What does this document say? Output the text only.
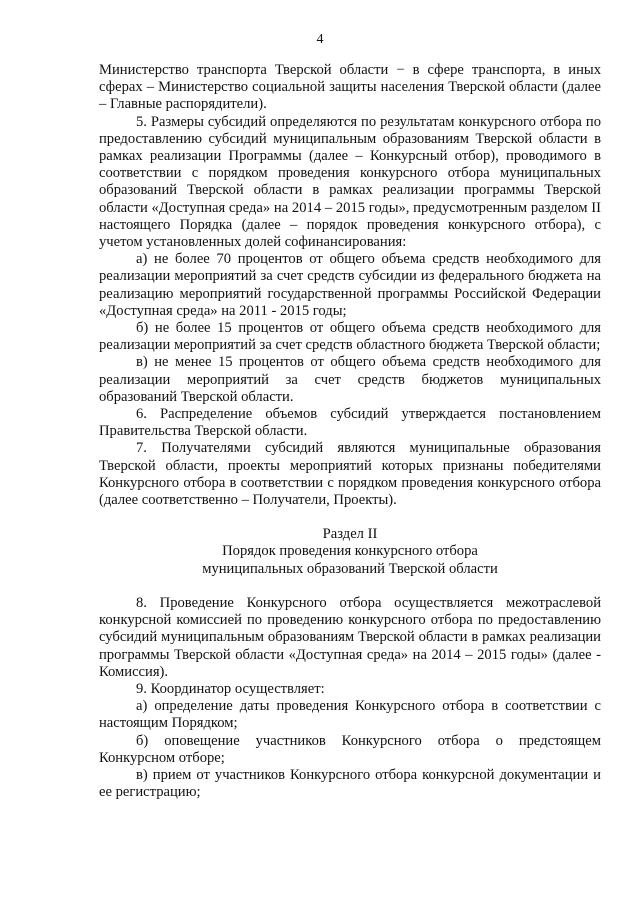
4

Министерство транспорта Тверской области − в сфере транспорта, в иных сферах – Министерство социальной защиты населения Тверской области (далее – Главные распорядители).

5. Размеры субсидий определяются по результатам конкурсного отбора по предоставлению субсидий муниципальным образованиям Тверской области в рамках реализации Программы (далее – Конкурсный отбор), проводимого в соответствии с порядком проведения конкурсного отбора муниципальных образований Тверской области в рамках реализации программы Тверской области «Доступная среда» на 2014 – 2015 годы», предусмотренным разделом II настоящего Порядка (далее – порядок проведения конкурсного отбора), с учетом установленных долей софинансирования:

а) не более 70 процентов от общего объема средств необходимого для реализации мероприятий за счет средств субсидии из федерального бюджета на реализацию мероприятий государственной программы Российской Федерации «Доступная среда» на 2011 - 2015 годы;

б) не более 15 процентов от общего объема средств необходимого для реализации мероприятий за счет средств областного бюджета Тверской области;

в) не менее 15 процентов от общего объема средств необходимого для реализации мероприятий за счет средств бюджетов муниципальных образований Тверской области.

6. Распределение объемов субсидий утверждается постановлением Правительства Тверской области.

7. Получателями субсидий являются муниципальные образования Тверской области, проекты мероприятий которых признаны победителями Конкурсного отбора в соответствии с порядком проведения конкурсного отбора (далее соответственно – Получатели, Проекты).

Раздел II
Порядок проведения конкурсного отбора
муниципальных образований Тверской области

8. Проведение Конкурсного отбора осуществляется межотраслевой конкурсной комиссией по проведению конкурсного отбора по предоставлению субсидий муниципальным образованиям Тверской области в рамках реализации программы Тверской области «Доступная среда» на 2014 – 2015 годы» (далее - Комиссия).

9. Координатор осуществляет:

а) определение даты проведения Конкурсного отбора в соответствии с настоящим Порядком;

б) оповещение участников Конкурсного отбора о предстоящем Конкурсном отборе;

в) прием от участников Конкурсного отбора конкурсной документации и ее регистрацию;
